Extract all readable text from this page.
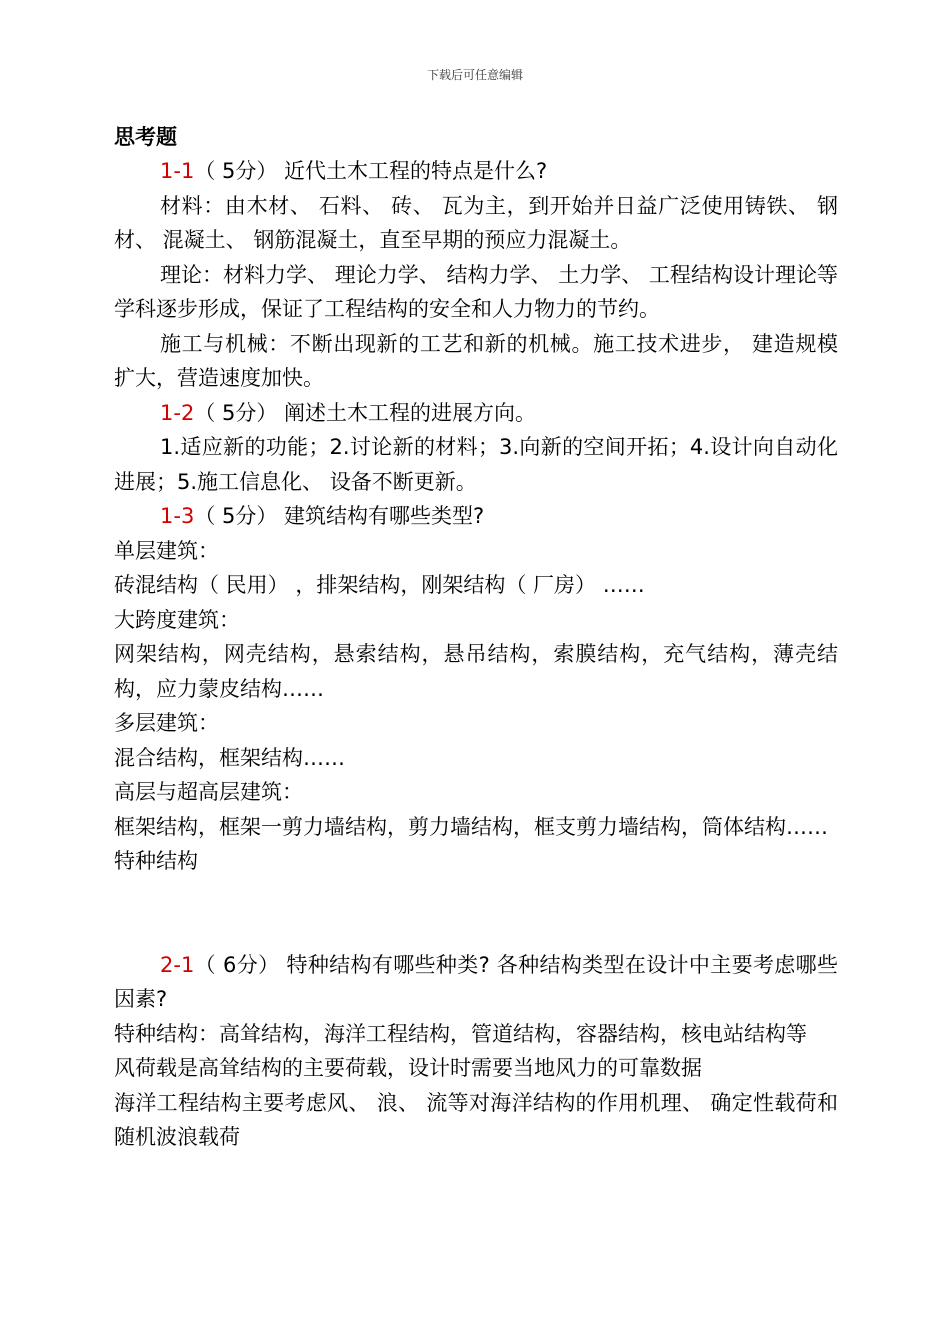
下载后可任意编辑
思考题

1-1（ 5分） 近代土木工程的特点是什么?

材料：由木材、 石料、 砖、 瓦为主，到开始并日益广泛使用铸铁、 钢材、 混凝土、 钢筋混凝土，直至早期的预应力混凝土。

理论：材料力学、 理论力学、 结构力学、 土力学、 工程结构设计理论等学科逐步形成，保证了工程结构的安全和人力物力的节约。

施工与机械：不断出现新的工艺和新的机械。施工技术进步， 建造规模扩大，营造速度加快。

1-2（ 5分） 阐述土木工程的进展方向。

1.适应新的功能；2.讨论新的材料；3.向新的空间开拓；4.设计向自动化进展；5.施工信息化、 设备不断更新。

1-3（ 5分） 建筑结构有哪些类型?

单层建筑：

砖混结构（ 民用） ，排架结构，刚架结构（ 厂房） ……

大跨度建筑：

网架结构，网壳结构，悬索结构，悬吊结构，索膜结构，充气结构，薄壳结构，应力蒙皮结构……

多层建筑：

混合结构，框架结构……

高层与超高层建筑：

框架结构，框架一剪力墙结构，剪力墙结构，框支剪力墙结构，筒体结构……

特种结构

2-1（ 6分） 特种结构有哪些种类? 各种结构类型在设计中主要考虑哪些因素?

特种结构：高耸结构，海洋工程结构，管道结构，容器结构，核电站结构等

风荷载是高耸结构的主要荷载，设计时需要当地风力的可靠数据

海洋工程结构主要考虑风、 浪、 流等对海洋结构的作用机理、 确定性载荷和随机波浪载荷
